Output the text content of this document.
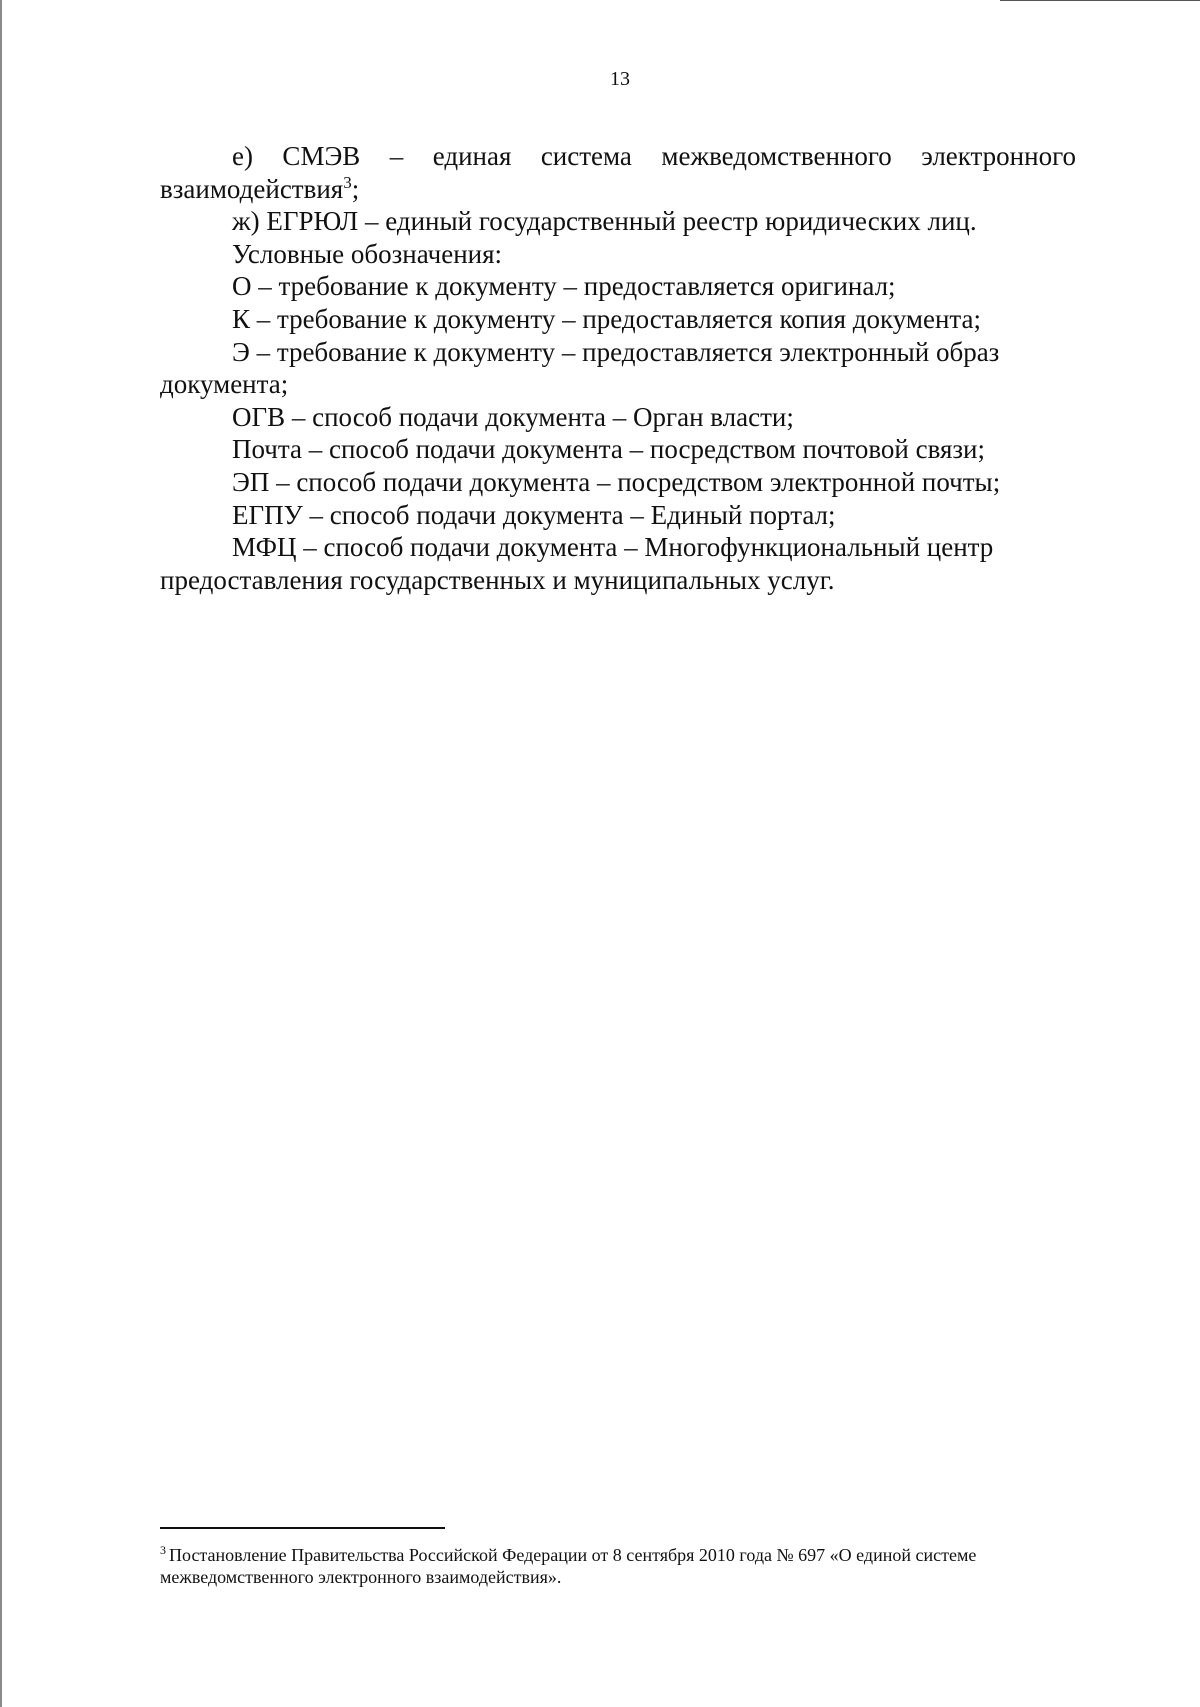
13

е) СМЭВ – единая система межведомственного электронного
взаимодействия$^3$;

ж) ЕГРЮЛ – единый государственный реестр юридических лиц.

Условные обозначения:

О – требование к документу – предоставляется оригинал;

К – требование к документу – предоставляется копия документа;

Э – требование к документу – предоставляется электронный образ
документа;

ОГВ – способ подачи документа – Орган власти;

Почта – способ подачи документа – посредством почтовой связи;

ЭП – способ подачи документа – посредством электронной почты;

ЕГПУ – способ подачи документа – Единый портал;

МФЦ – способ подачи документа – Многофункциональный центр
предоставления государственных и муниципальных услуг.

$^3$ Постановление Правительства Российской Федерации от 8 сентября 2010 года № 697 «О единой системе межведомственного электронного взаимодействия».
